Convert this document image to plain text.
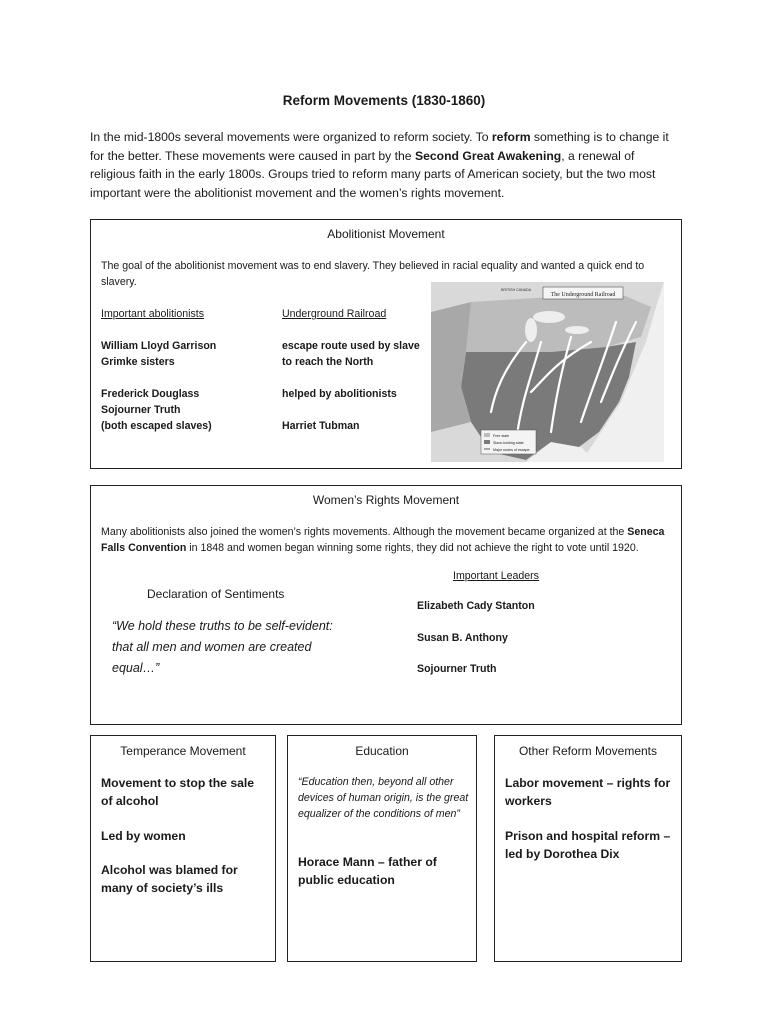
Reform Movements (1830-1860)

In the mid-1800s several movements were organized to reform society. To reform something is to change it for the better. These movements were caused in part by the Second Great Awakening, a renewal of religious faith in the early 1800s. Groups tried to reform many parts of American society, but the two most important were the abolitionist movement and the women’s rights movement.

Abolitionist Movement

The goal of the abolitionist movement was to end slavery. They believed in racial equality and wanted a quick end to slavery.

Important abolitionists
William Lloyd Garrison
Grimke sisters
Frederick Douglass
Sojourner Truth
(both escaped slaves)
Underground Railroad
escape route used by slave
to reach the North
helped by abolitionists
Harriet Tubman
The Underground Railroad
BRITISH CANADA
Free state
Slave-holding state
Major routes of escape
Women’s Rights Movement

Many abolitionists also joined the women’s rights movements. Although the movement became organized at the Seneca Falls Convention in 1848 and women began winning some rights, they did not achieve the right to vote until 1920.

Declaration of Sentiments

“We hold these truths to be self-evident: that all men and women are created equal…”

Important Leaders
Elizabeth Cady Stanton
Susan B. Anthony
Sojourner Truth
Temperance Movement

Movement to stop the sale of alcohol

Led by women

Alcohol was blamed for many of society’s ills

Education

“Education then, beyond all other devices of human origin, is the great equalizer of the conditions of men”

Horace Mann – father of public education

Other Reform Movements

Labor movement – rights for workers

Prison and hospital reform – led by Dorothea Dix
